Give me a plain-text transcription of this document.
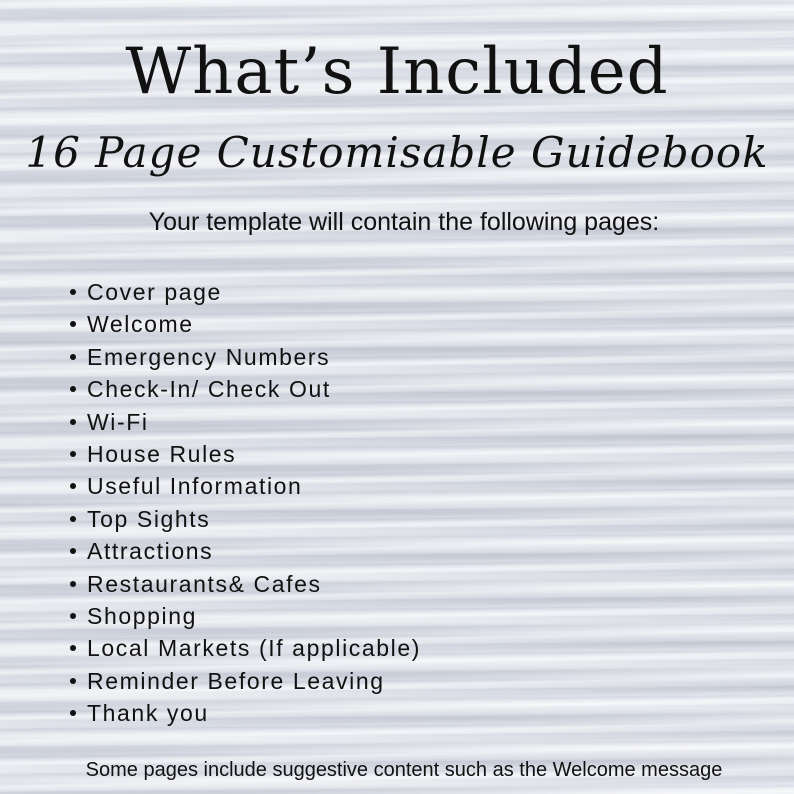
What’s Included
16 Page Customisable Guidebook

Your template will contain the following pages:

Cover page
Welcome
Emergency Numbers
Check-In/ Check Out
Wi-Fi
House Rules
Useful Information
Top Sights
Attractions
Restaurants& Cafes
Shopping
Local Markets (If applicable)
Reminder Before Leaving
Thank you

Some pages include suggestive content such as the Welcome message
